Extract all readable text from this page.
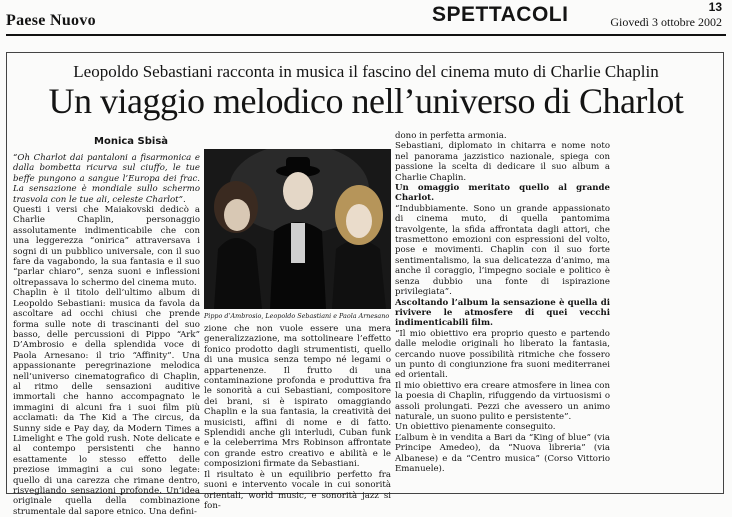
Paese Nuovo	SPETTACOLI	13
Giovedì 3 ottobre 2002
Leopoldo Sebastiani racconta in musica il fascino del cinema muto di Charlie Chaplin
Un viaggio melodico nell’universo di Charlot
Monica Sbisà

“Oh Charlot dai pantaloni a fisarmonica e dalla bombetta ricurva sul ciuffo, le tue beffe pungono a sangue l’Europa dei frac. La sensazione è mondiale sullo schermo trasvola con le tue ali, celeste Charlot”.

Questi i versi che Maiakovski dedicò a Charlie Chaplin, personaggio assolutamente indimenticabile che con una leggerezza “onirica” attraversava i sogni di un pubblico universale, con il suo fare da vagabondo, la sua fantasia e il suo “parlar chiaro”, senza suoni e inflessioni oltrepassava lo schermo del cinema muto.

Chaplin è il titolo dell’ultimo album di Leopoldo Sebastiani: musica da favola da ascoltare ad occhi chiusi che prende forma sulle note di trascinanti del suo basso, delle percussioni di Pippo “Ark” D’Ambrosio e della splendida voce di Paola Arnesano: il trio “Affinity”. Una appassionante peregrinazione melodica nell’universo cinematografico di Chaplin, al ritmo delle sensazioni auditive immortali che hanno accompagnato le immagini di alcuni fra i suoi film più acclamati: da The Kid a The circus, da Sunny side e Pay day, da Modern Times a Limelight e The gold rush. Note delicate e al contempo persistenti che hanno esattamente lo stesso effetto delle preziose immagini a cui sono legate: quello di una carezza che rimane dentro, risvegliando sensazioni profonde. Un’idea originale quella della combinazione strumentale dal sapore etnico. Una defini-

Pippo d’Ambrosio, Leopoldo Sebastiani e Paola Arnesano

zione che non vuole essere una mera generalizzazione, ma sottolineare l’effetto fonico prodotto dagli strumentisti, quello di una musica senza tempo né legami o appartenenze. Il frutto di una contaminazione profonda e produttiva fra le sonorità a cui Sebastiani, compositore dei brani, si è ispirato omaggiando Chaplin e la sua fantasia, la creatività dei musicisti, affini di nome e di fatto. Splendidi anche gli interludi, Cuban funk e la celeberrima Mrs Robinson affrontate con grande estro creativo e abilità e le composizioni firmate da Sebastiani.

Il risultato è un equilibrio perfetto fra suoni e intervento vocale in cui sonorità orientali, world music, e sonorità jazz si fon-

dono in perfetta armonia.

Sebastiani, diplomato in chitarra e nome noto nel panorama jazzistico nazionale, spiega con passione la scelta di dedicare il suo album a Charlie Chaplin.

Un omaggio meritato quello al grande Charlot.

“Indubbiamente. Sono un grande appassionato di cinema muto, di quella pantomima travolgente, la sfida affrontata dagli attori, che trasmettono emozioni con espressioni del volto, pose e movimenti. Chaplin con il suo forte sentimentalismo, la sua delicatezza d’animo, ma anche il coraggio, l’impegno sociale e politico è senza dubbio una fonte di ispirazione privilegiata”.

Ascoltando l’album la sensazione è quella di rivivere le atmosfere di quei vecchi indimenticabili film.

“Il mio obiettivo era proprio questo e partendo dalle melodie originali ho liberato la fantasia, cercando nuove possibilità ritmiche che fossero un punto di congiunzione fra suoni mediterranei ed orientali.

Il mio obiettivo era creare atmosfere in linea con la poesia di Chaplin, rifuggendo da virtuosismi o assoli prolungati. Pezzi che avessero un animo naturale, un suono pulito e persistente”.

Un obiettivo pienamente conseguito.

L’album è in vendita a Bari da “King of blue” (via Principe Amedeo), da “Nuova libreria” (via Albanese) e da “Centro musica” (Corso Vittorio Emanuele).
